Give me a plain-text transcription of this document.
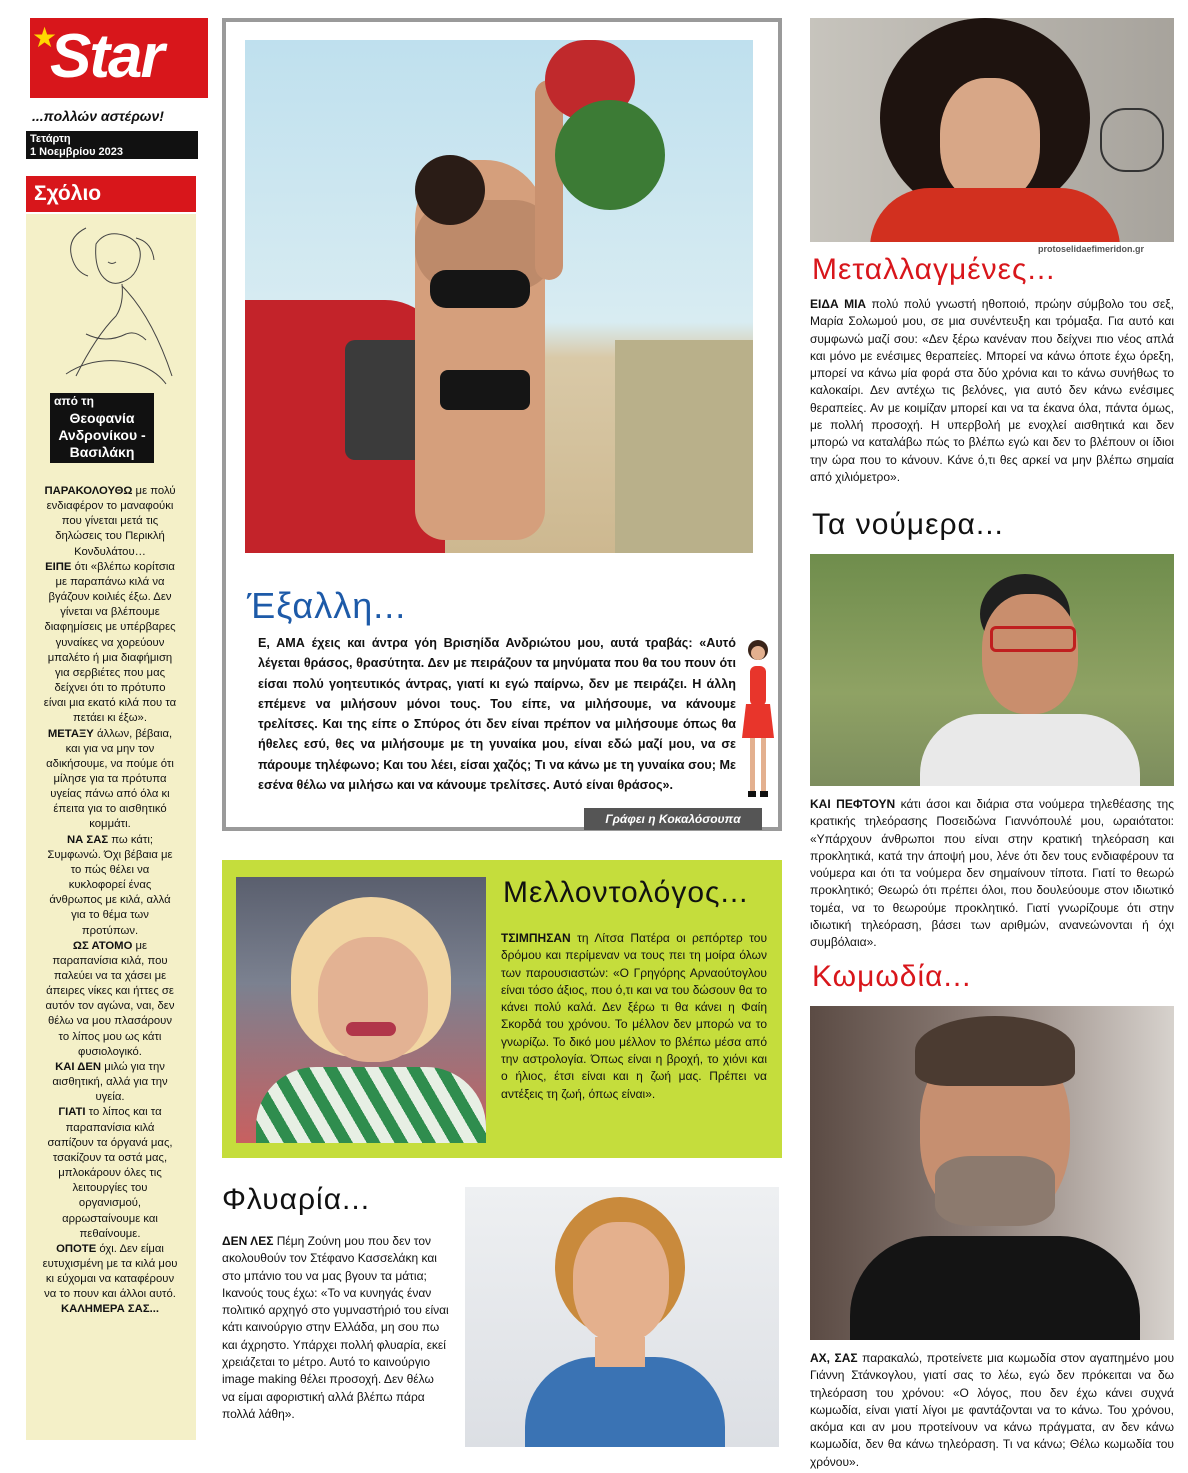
★
Star
...πολλών αστέρων!
Τετάρτη
1 Νοεμβρίου 2023
Σχόλιο
από τη
Θεοφανία Ανδρονίκου - Βασιλάκη

ΠΑΡΑΚΟΛΟΥΘΩ με πολύ ενδιαφέρον το μαναφούκι που γίνεται μετά τις δηλώσεις του Περικλή Κονδυλάτου…

ΕΙΠΕ ότι «βλέπω κορίτσια με παραπάνω κιλά να βγάζουν κοιλιές έξω. Δεν γίνεται να βλέπουμε διαφημίσεις με υπέρβαρες γυναίκες να χορεύουν μπαλέτο ή μια διαφήμιση για σερβιέτες που μας δείχνει ότι το πρότυπο είναι μια εκατό κιλά που τα πετάει κι έξω».

ΜΕΤΑΞΥ άλλων, βέβαια, και για να μην τον αδικήσουμε, να πούμε ότι μίλησε για τα πρότυπα υγείας πάνω από όλα κι έπειτα για το αισθητικό κομμάτι.

ΝΑ ΣΑΣ πω κάτι; Συμφωνώ. Όχι βέβαια με το πώς θέλει να κυκλοφορεί ένας άνθρωπος με κιλά, αλλά για το θέμα των προτύπων.

ΩΣ ΑΤΟΜΟ με παραπανίσια κιλά, που παλεύει να τα χάσει με άπειρες νίκες και ήττες σε αυτόν τον αγώνα, ναι, δεν θέλω να μου πλασάρουν το λίπος μου ως κάτι φυσιολογικό.

ΚΑΙ ΔΕΝ μιλώ για την αισθητική, αλλά για την υγεία.

ΓΙΑΤΙ το λίπος και τα παραπανίσια κιλά σαπίζουν τα όργανά μας, τσακίζουν τα οστά μας, μπλοκάρουν όλες τις λειτουργίες του οργανισμού, αρρωσταίνουμε και πεθαίνουμε.

ΟΠΟΤΕ όχι. Δεν είμαι ευτυχισμένη με τα κιλά μου κι εύχομαι να καταφέρουν να το πουν και άλλοι αυτό.

ΚΑΛΗΜΕΡΑ ΣΑΣ...

Έξαλλη...
Ε, ΑΜΑ έχεις και άντρα γόη Βρισηίδα Ανδριώτου μου, αυτά τραβάς: «Αυτό λέγεται θράσος, θρασύτητα. Δεν με πειράζουν τα μηνύματα που θα του πουν ότι είσαι πολύ γοητευτικός άντρας, γιατί κι εγώ παίρνω, δεν με πειράζει. Η άλλη επέμενε να μιλήσουν μόνοι τους. Του είπε, να μιλήσουμε, να κάνουμε τρελίτσες. Και της είπε ο Σπύρος ότι δεν είναι πρέπον να μιλήσουμε όπως θα ήθελες εσύ, θες να μιλήσουμε με τη γυναίκα μου, είναι εδώ μαζί μου, να σε πάρουμε τηλέφωνο; Και του λέει, είσαι χαζός; Τι να κάνω με τη γυναίκα σου; Με εσένα θέλω να μιλήσω και να κάνουμε τρελίτσες. Αυτό είναι θράσος».
Γράφει η Κοκαλόσουπα
Μελλοντολόγος...
ΤΣΙΜΠΗΣΑΝ τη Λίτσα Πατέρα οι ρεπόρτερ του δρόμου και περίμεναν να τους πει τη μοίρα όλων των παρουσιαστών: «Ο Γρηγόρης Αρναούτογλου είναι τόσο άξιος, που ό,τι και να του δώσουν θα το κάνει πολύ καλά. Δεν ξέρω τι θα κάνει η Φαίη Σκορδά του χρόνου. Το μέλλον δεν μπορώ να το γνωρίζω. Το δικό μου μέλλον το βλέπω μέσα από την αστρολογία. Όπως είναι η βροχή, το χιόνι και ο ήλιος, έτσι είναι και η ζωή μας. Πρέπει να αντέξεις τη ζωή, όπως είναι».
Φλυαρία...
ΔΕΝ ΛΕΣ Πέμη Ζούνη μου που δεν τον ακολουθούν τον Στέφανο Κασσελάκη και στο μπάνιο του να μας βγουν τα μάτια; Ικανούς τους έχω: «Το να κυνηγάς έναν πολιτικό αρχηγό στο γυμναστήριό του είναι κάτι καινούργιο στην Ελλάδα, μη σου πω και άχρηστο. Υπάρχει πολλή φλυαρία, εκεί χρειάζεται το μέτρο. Αυτό το καινούργιο image making θέλει προσοχή. Δεν θέλω να είμαι αφοριστική αλλά βλέπω πάρα πολλά λάθη».
protoselidaefimeridon.gr
Μεταλλαγμένες...
ΕΙΔΑ ΜΙΑ πολύ πολύ γνωστή ηθοποιό, πρώην σύμβολο του σεξ, Μαρία Σολωμού μου, σε μια συνέντευξη και τρόμαξα. Για αυτό και συμφωνώ μαζί σου: «Δεν ξέρω κανέναν που δείχνει πιο νέος απλά και μόνο με ενέσιμες θεραπείες. Μπορεί να κάνω όποτε έχω όρεξη, μπορεί να κάνω μία φορά στα δύο χρόνια και το κάνω συνήθως το καλοκαίρι. Δεν αντέχω τις βελόνες, για αυτό δεν κάνω ενέσιμες θεραπείες. Αν με κοιμίζαν μπορεί και να τα έκανα όλα, πάντα όμως, με πολλή προσοχή. Η υπερβολή με ενοχλεί αισθητικά και δεν μπορώ να καταλάβω πώς το βλέπω εγώ και δεν το βλέπουν οι ίδιοι την ώρα που το κάνουν. Κάνε ό,τι θες αρκεί να μην βλέπω σημαία από χιλιόμετρο».
Τα νούμερα...
ΚΑΙ ΠΕΦΤΟΥΝ κάτι άσοι και διάρια στα νούμερα τηλεθέασης της κρατικής τηλεόρασης Ποσειδώνα Γιαννόπουλέ μου, ωραιότατοι: «Υπάρχουν άνθρωποι που είναι στην κρατική τηλεόραση και προκλητικά, κατά την άποψή μου, λένε ότι δεν τους ενδιαφέρουν τα νούμερα και ότι τα νούμερα δεν σημαίνουν τίποτα. Γιατί το θεωρώ προκλητικό; Θεωρώ ότι πρέπει όλοι, που δουλεύουμε στον ιδιωτικό τομέα, να το θεωρούμε προκλητικό. Γιατί γνωρίζουμε ότι στην ιδιωτική τηλεόραση, βάσει των αριθμών, ανανεώνονται ή όχι συμβόλαια».
Κωμωδία...
ΑΧ, ΣΑΣ παρακαλώ, προτείνετε μια κωμωδία στον αγαπημένο μου Γιάννη Στάνκογλου, γιατί σας το λέω, εγώ δεν πρόκειται να δω τηλεόραση του χρόνου: «Ο λόγος, που δεν έχω κάνει συχνά κωμωδία, είναι γιατί λίγοι με φαντάζονται να το κάνω. Του χρόνου, ακόμα και αν μου προτείνουν να κάνω πράγματα, αν δεν κάνω κωμωδία, δεν θα κάνω τηλεόραση. Τι να κάνω; Θέλω κωμωδία του χρόνου».
